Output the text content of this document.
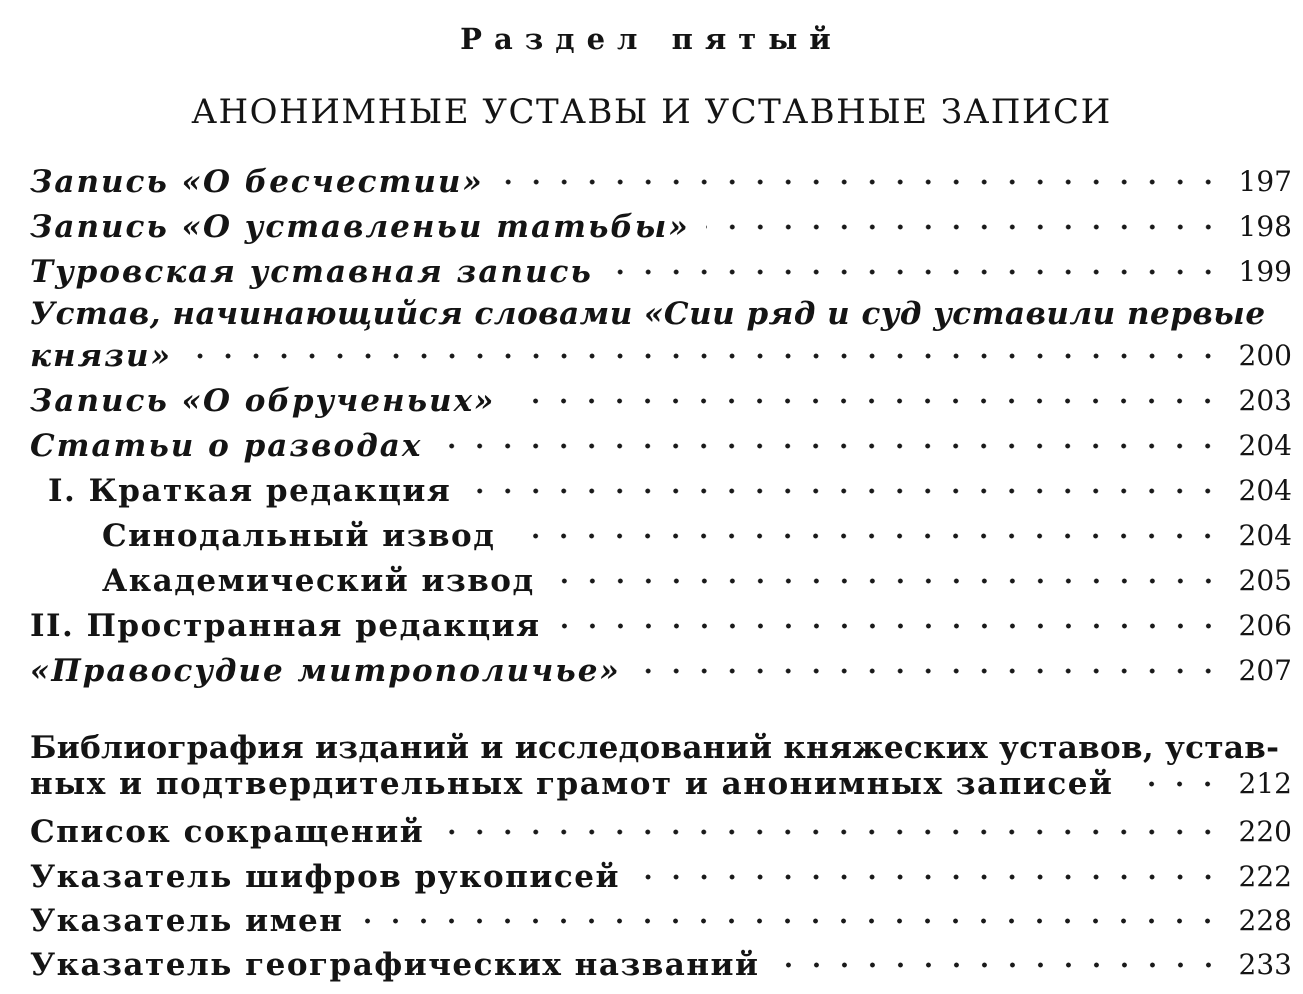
Раздел пятый
АНОНИМНЫЕ УСТАВЫ И УСТАВНЫЕ ЗАПИСИ
Запись «О бесчестии»	197
Запись «О уставленьи татьбы»	198
Туровская уставная запись	199
Устав, начинающийся словами «Сии ряд и суд уставили первые
князи»	200
Запись «О обрученьих»	203
Статьи о разводах	204
I. Краткая редакция	204
Синодальный извод	204
Академический извод	205
II. Пространная редакция	206
«Правосудие митрополичье»	207
Библиография изданий и исследований княжеских уставов, устав-
ных и подтвердительных грамот и анонимных записей	212
Список сокращений	220
Указатель шифров рукописей	222
Указатель имен	228
Указатель географических названий	233
